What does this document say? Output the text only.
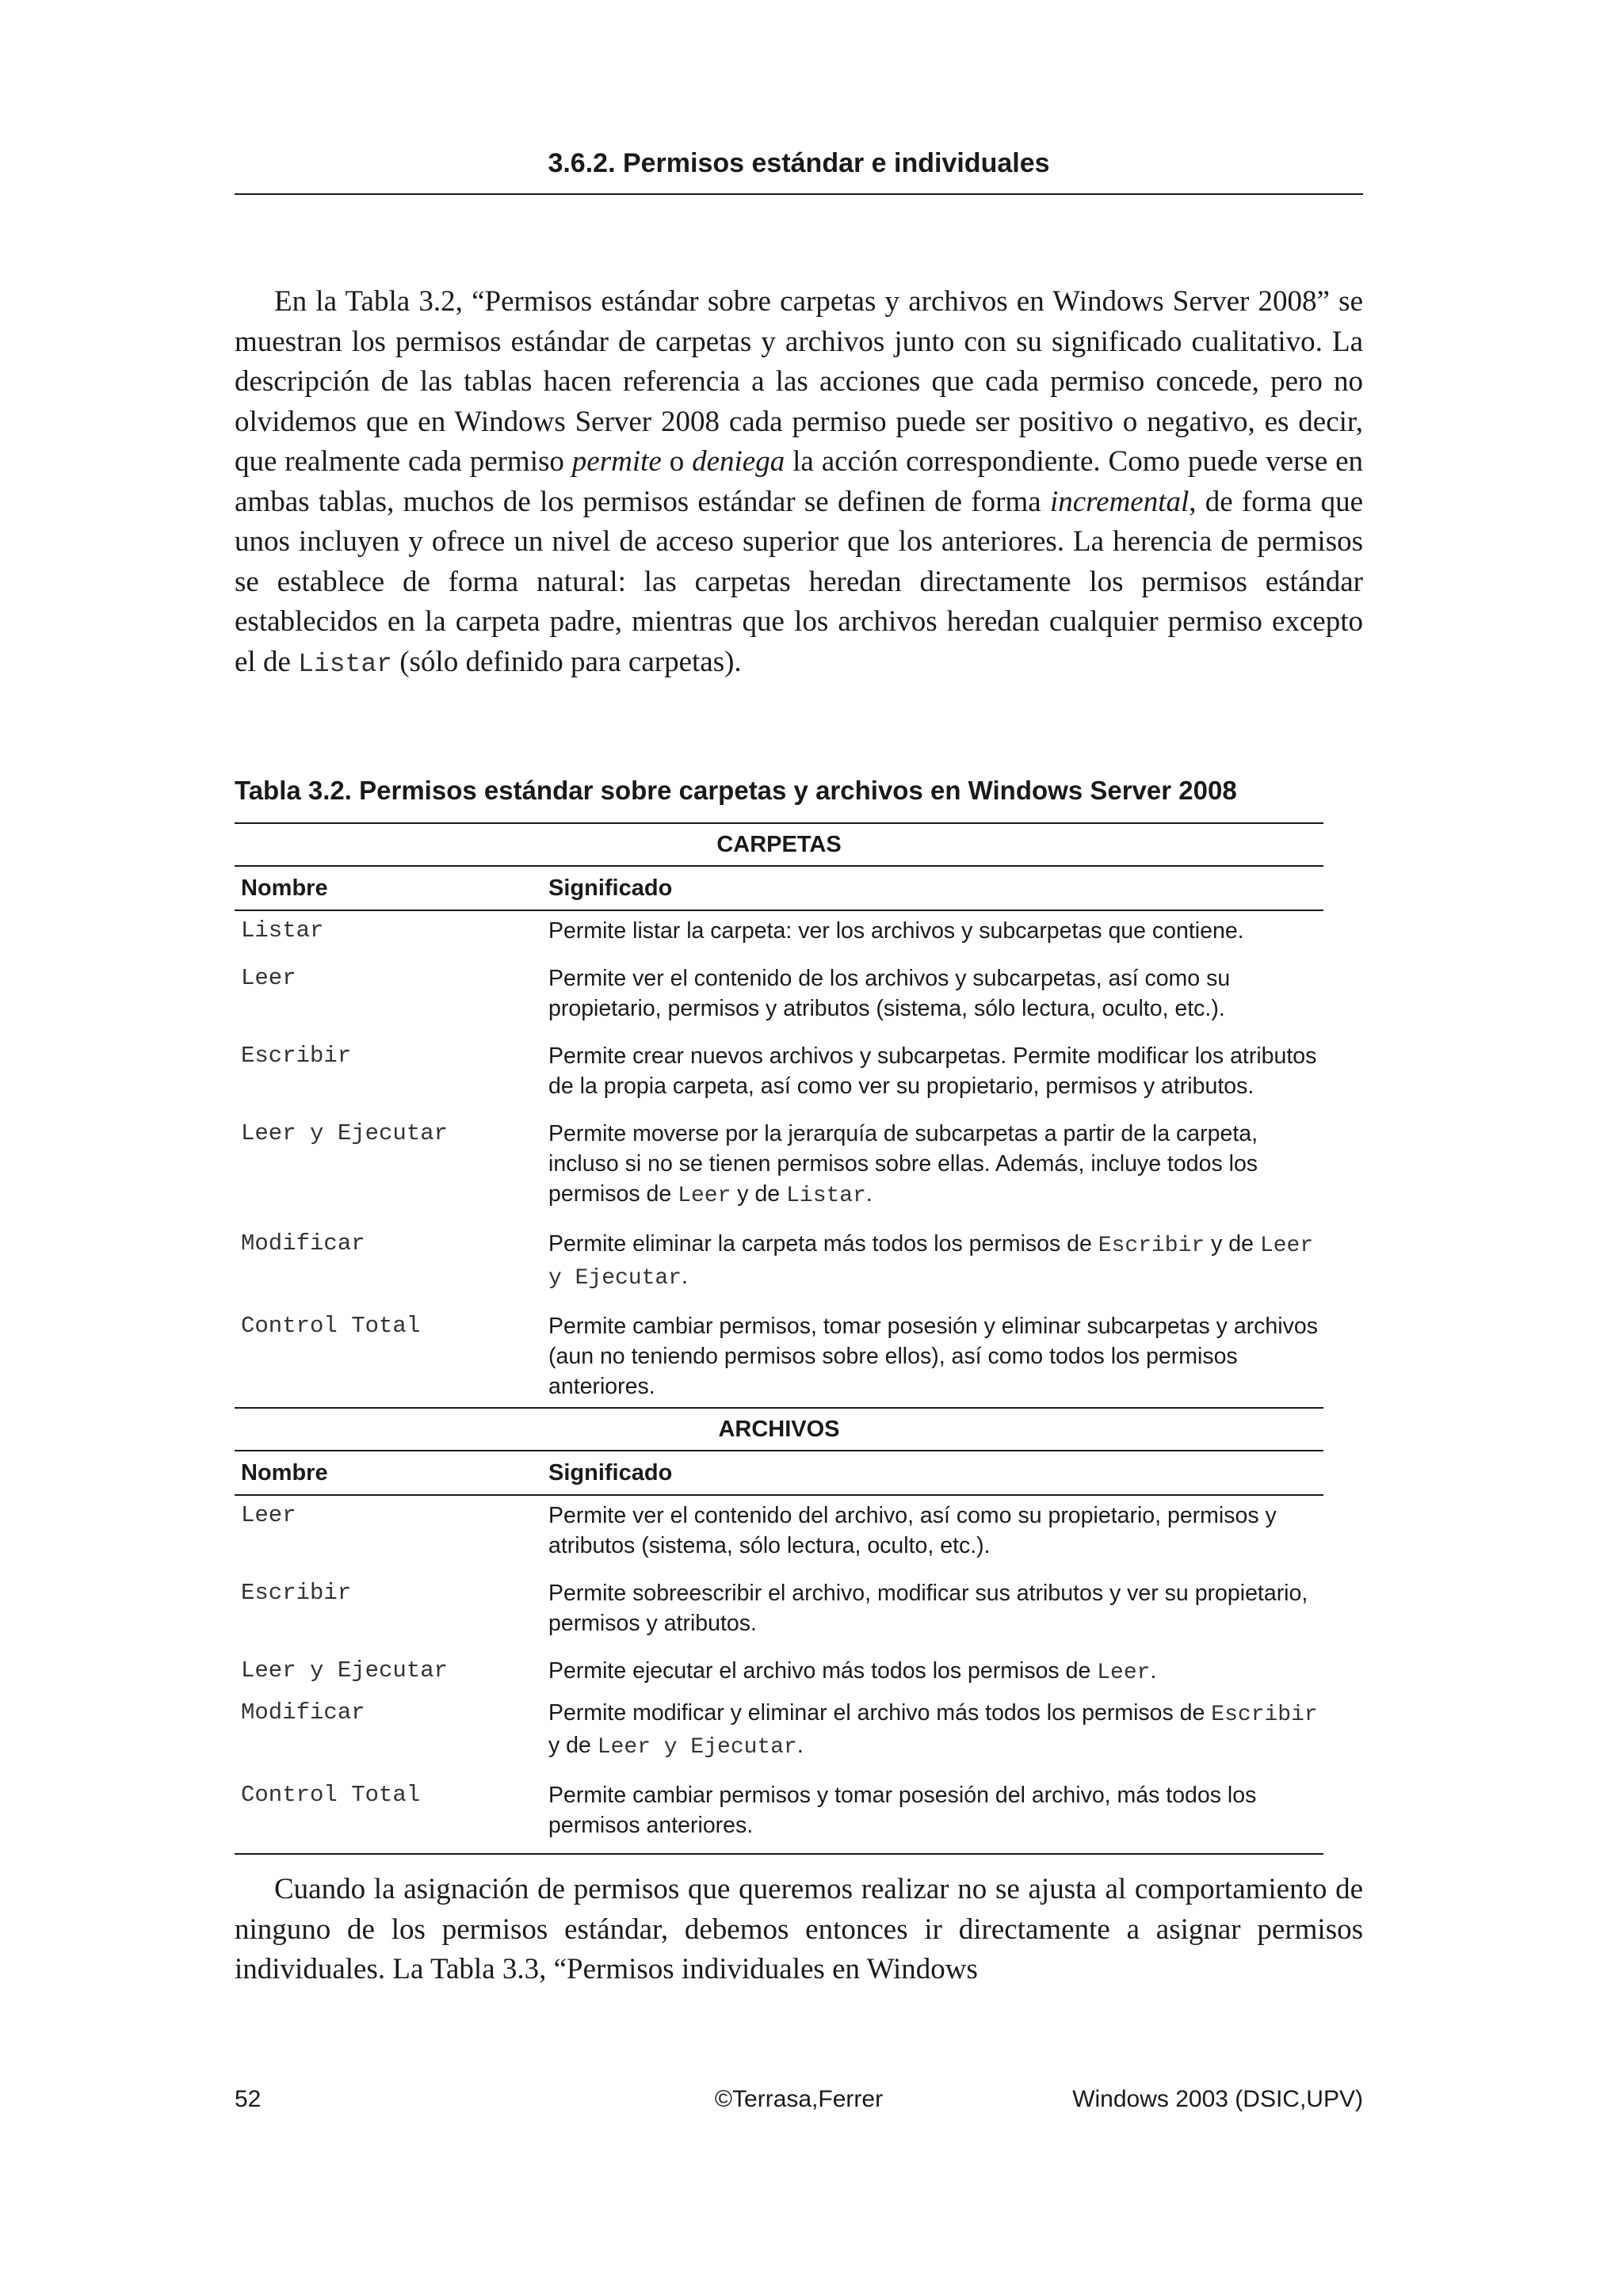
3.6.2. Permisos estándar e individuales

En la Tabla 3.2, “Permisos estándar sobre carpetas y archivos en Windows Server 2008” se muestran los permisos estándar de carpetas y archivos junto con su significado cualitativo. La descripción de las tablas hacen referencia a las acciones que cada permiso concede, pero no olvidemos que en Windows Server 2008 cada permiso puede ser positivo o negativo, es decir, que realmente cada permiso permite o deniega la acción correspondiente. Como puede verse en ambas tablas, muchos de los permisos estándar se definen de forma incremental, de forma que unos incluyen y ofrece un nivel de acceso superior que los anteriores. La herencia de permisos se establece de forma natural: las carpetas heredan directamente los permisos estándar establecidos en la carpeta padre, mientras que los archivos heredan cualquier permiso excepto el de Listar (sólo definido para carpetas).

Tabla 3.2. Permisos estándar sobre carpetas y archivos en Windows Server 2008
CARPETAS
Nombre	Significado
Listar	Permite listar la carpeta: ver los archivos y subcarpetas que contiene.
Leer	Permite ver el contenido de los archivos y subcarpetas, así como su propietario, permisos y atributos (sistema, sólo lectura, oculto, etc.).
Escribir	Permite crear nuevos archivos y subcarpetas. Permite modificar los atributos de la propia carpeta, así como ver su propietario, permisos y atributos.
Leer y Ejecutar	Permite moverse por la jerarquía de subcarpetas a partir de la carpeta, incluso si no se tienen permisos sobre ellas. Además, incluye todos los permisos de Leer y de Listar.
Modificar	Permite eliminar la carpeta más todos los permisos de Escribir y de Leer y Ejecutar.
Control Total	Permite cambiar permisos, tomar posesión y eliminar subcarpetas y archivos (aun no teniendo permisos sobre ellos), así como todos los permisos anteriores.
ARCHIVOS
Nombre	Significado
Leer	Permite ver el contenido del archivo, así como su propietario, permisos y atributos (sistema, sólo lectura, oculto, etc.).
Escribir	Permite sobreescribir el archivo, modificar sus atributos y ver su propietario, permisos y atributos.
Leer y Ejecutar	Permite ejecutar el archivo más todos los permisos de Leer.
Modificar	Permite modificar y eliminar el archivo más todos los permisos de Escribir y de Leer y Ejecutar.
Control Total	Permite cambiar permisos y tomar posesión del archivo, más todos los permisos anteriores.

Cuando la asignación de permisos que queremos realizar no se ajusta al comportamiento de ninguno de los permisos estándar, debemos entonces ir directamente a asignar permisos individuales. La Tabla 3.3, “Permisos individuales en Windows

52	©Terrasa,Ferrer	Windows 2003 (DSIC,UPV)
